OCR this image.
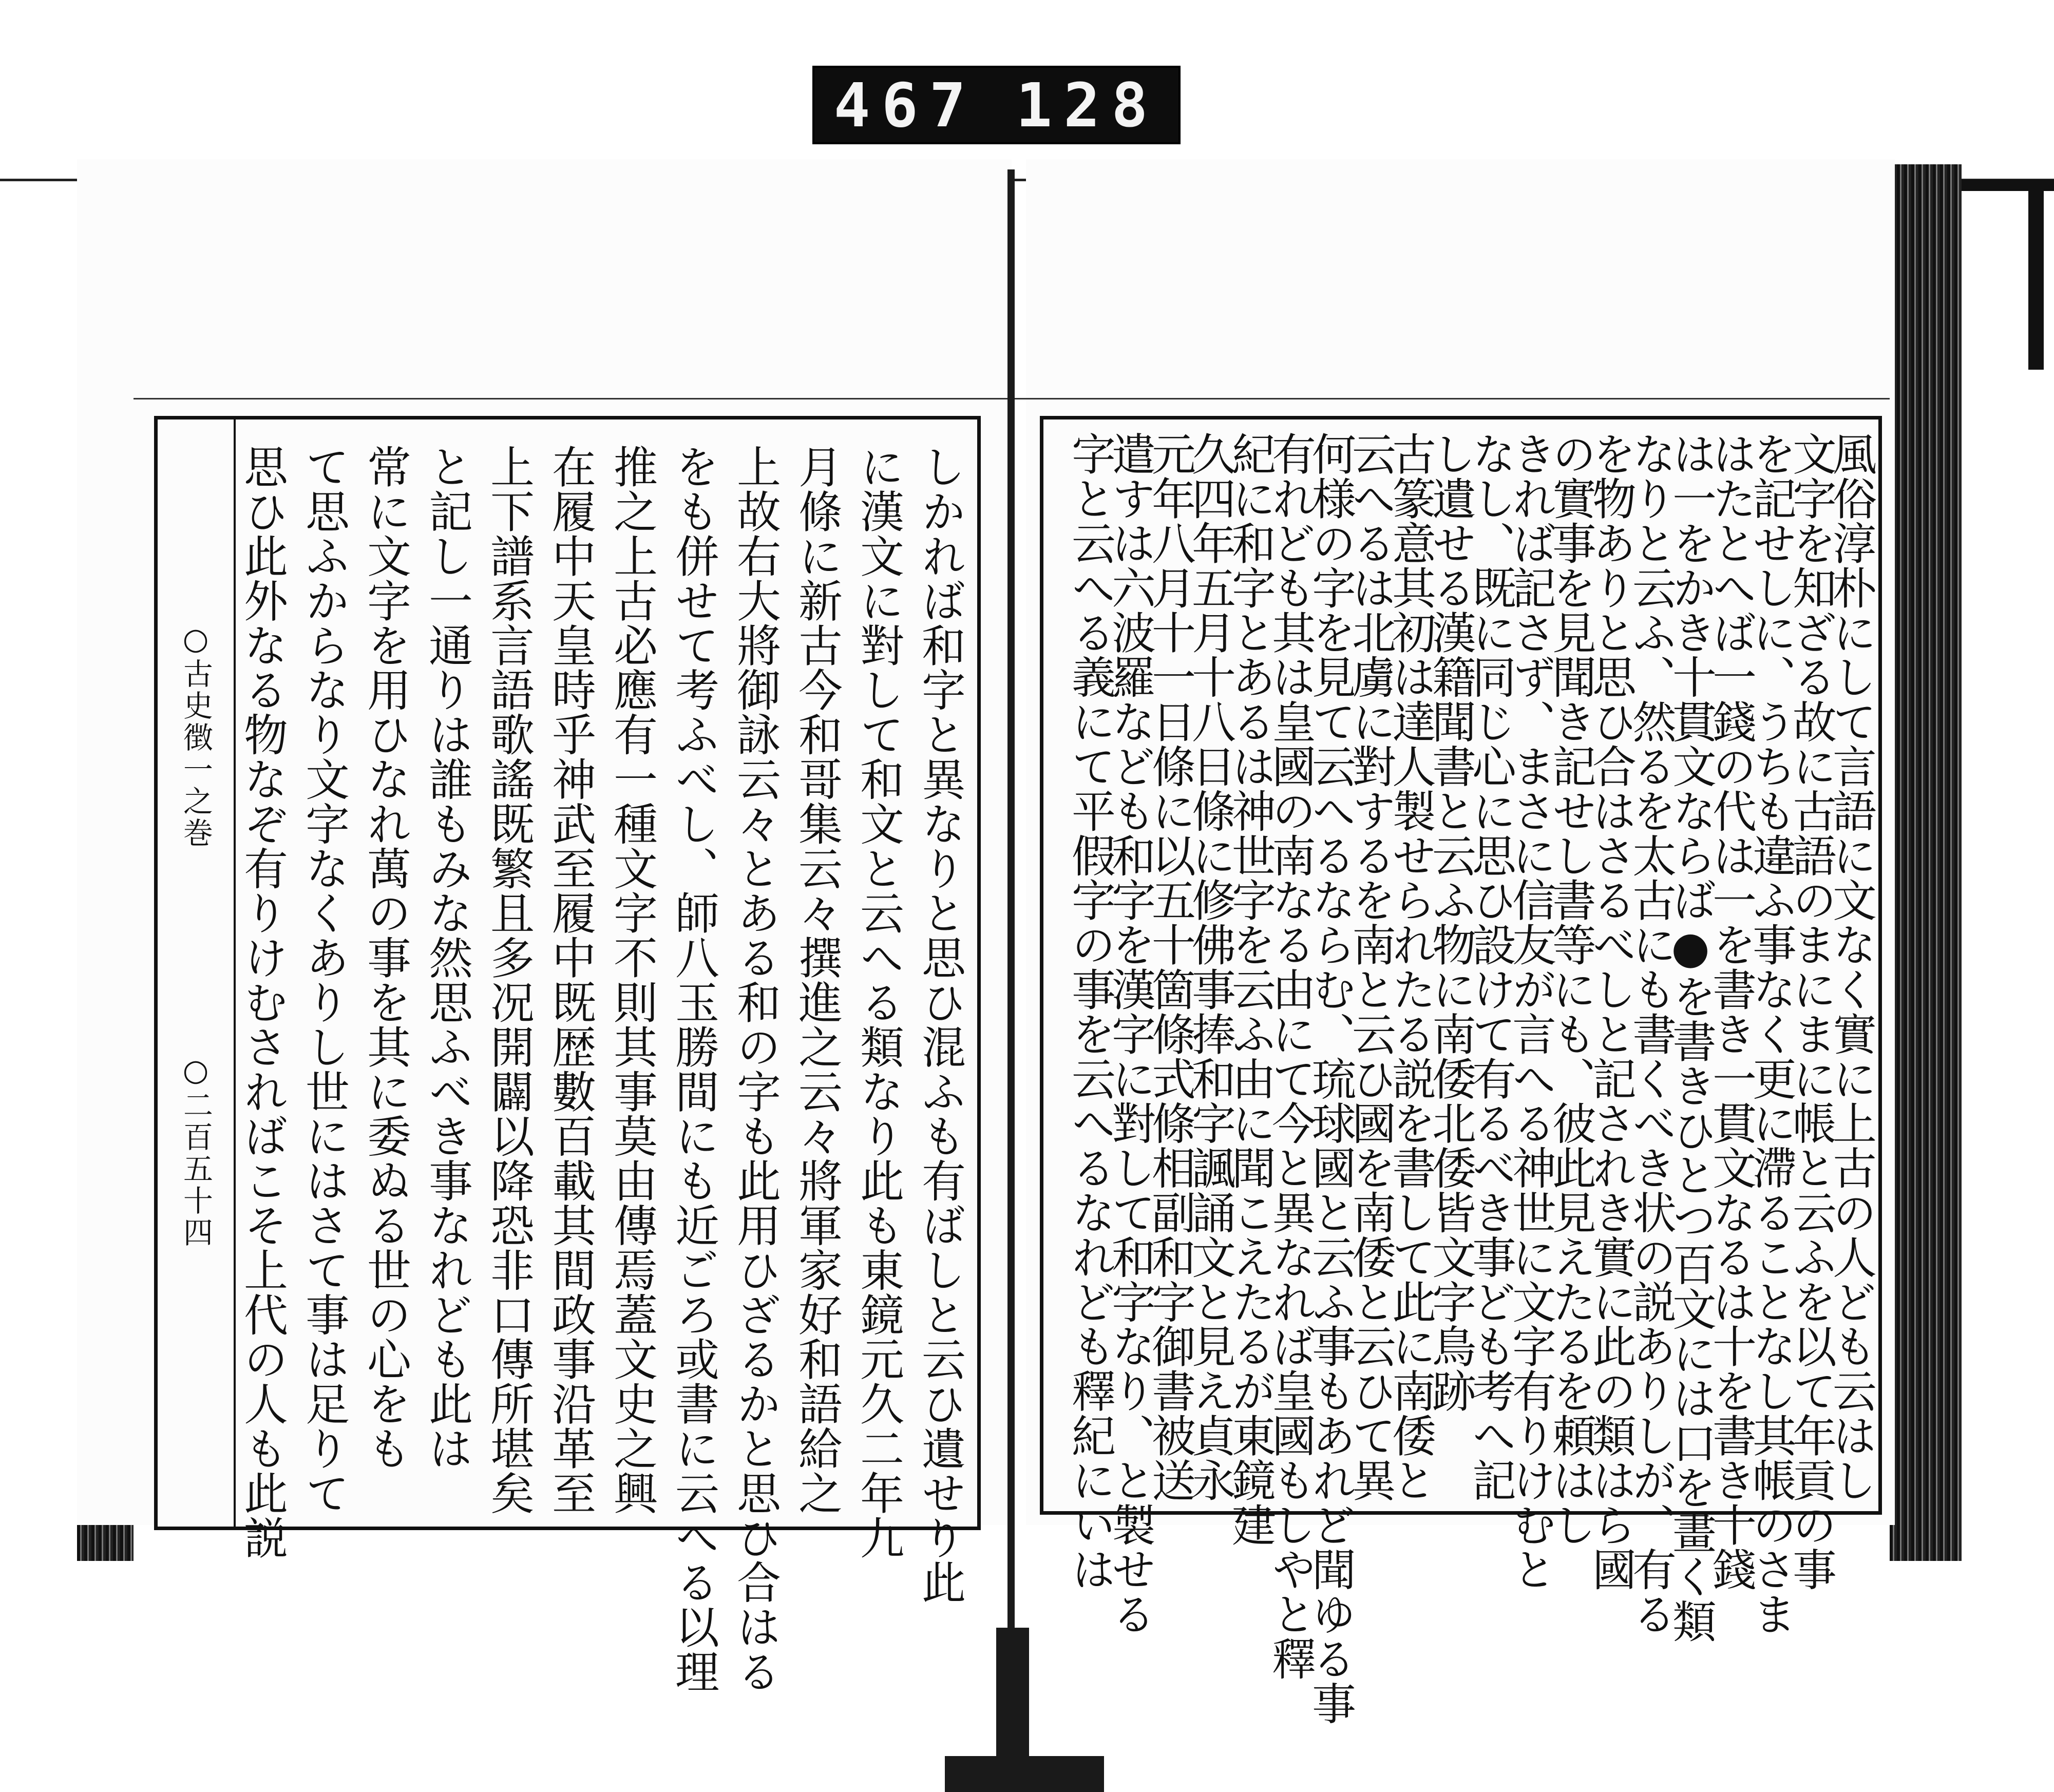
467 128
○古史徴一之巻
○二百五十四	しかれば和字と異なりと思ひ混ふも有ばしと云ひ遺せり此
に漢文に對して和文と云へる類なり此も東鏡元久二年九
月條に新古今和哥集云々撰進之云々將軍家好和語給之
上故右大將御詠云々とある和の字も此用ひざるかと思ひ合はる
をも併せて考ふべし、師八玉勝間にも近ごろ或書に云へる以理
推之上古必應有一種文字不則其事莫由傳焉蓋文史之興
在履中天皇時乎神武至履中既歴數百載其間政事沿革至
上下譜系言語歌謠既繁且多况開闢以降恐非口傳所堪矣
と記し一通りは誰もみな然思ふべき事なれども此は
常に文字を用ひなれ萬の事を其に委ぬる世の心をも
て思ふからなり文字なくありし世にはさて事は足りて
思ひ此外なる物なぞ有りけむさればこそ上代の人も此説	風俗淳朴にして言語に文なく實に上古の人ども云はし
文字を知ざる故に古語のまにまに帳と云ふを以て年貢の事
を記せしに、うちも違ふ事なく更に滯ることなし其帳のさま
はたとへば一錢の代は一を書き一貫文なるは十を書き十錢
は一をかき十貫文ならば●を書きひとつ百文には口を畫く類
なりと云ふ、然るを太古にも書くべき状の説ありしが、有る
を物ありと思ひ合はさるべしと記されき實に此の類はら國
の實事を見聞き記せし書等にも、彼此見えたるを頼はし
きれば記さず、まさに信友が言へる神世に文字有りけむと
なし、既に同じ心に思ひ設けて有るべき事ども考へ記
し遺せる漢籍聞書と云ふ物に南倭北倭皆文字鳥跡
古篆意其初は達人製せられたる説を書して此に南倭と
云へるは北虜に對するを南と云ひ國を南倭と云ひて異
何様の字を見て云へるならむ、琉球國と云ふ事もあれど聞ゆる事
有れども其は皇國の南なる由にて今と異なれば皇國もしやと釋
紀に和字とあるは神世字を云ふ由に聞こえたるが東鏡建
久四年五月十八日條に修佛事捧和字諷誦文と見え貞永
元年八月十一日條に以五十箇條式條相副和字御書被送
遣すは六波羅なども和字を漢字に對して和字なり、と製せる
字と云へる義にて平假字の事を云へるなれども釋紀にいは
